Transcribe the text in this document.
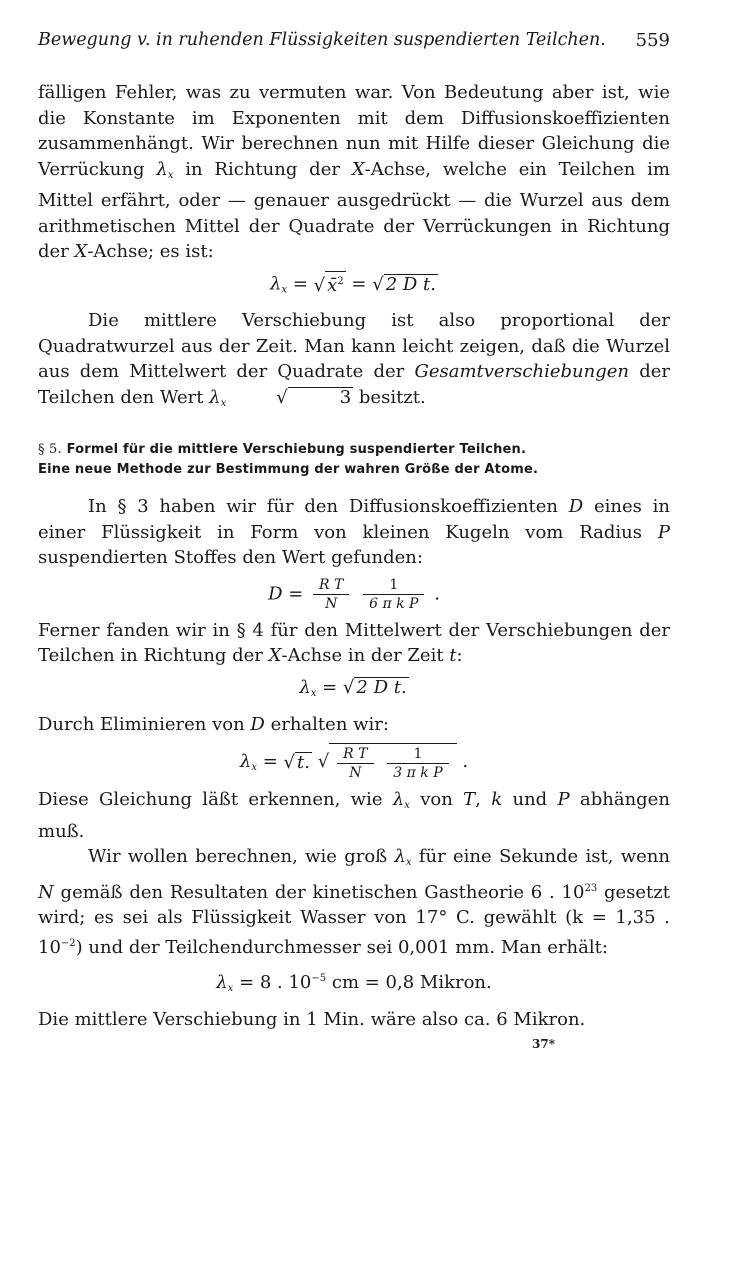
Bewegung v. in ruhenden Flüssigkeiten suspendierten Teilchen. 559

fälligen Fehler, was zu vermuten war. Von Bedeutung aber ist, wie die Konstante im Exponenten mit dem Diffusionskoeffizienten zusammenhängt. Wir berechnen nun mit Hilfe dieser Gleichung die Verrückung $\lambda_x$ in Richtung der X-Achse, welche ein Teilchen im Mittel erfährt, oder — genauer ausgedrückt — die Wurzel aus dem arithmetischen Mittel der Quadrate der Verrückungen in Richtung der X-Achse; es ist:

$\lambda_x$ = √ x̄$^2$ = √ 2 D t.

Die mittlere Verschiebung ist also proportional der Quadratwurzel aus der Zeit. Man kann leicht zeigen, daß die Wurzel aus dem Mittelwert der Quadrate der Gesamtverschiebungen der Teilchen den Wert $\lambda_x$	√	3 besitzt.

§ 5. Formel für die mittlere Verschiebung suspendierter Teilchen.
Eine neue Methode zur Bestimmung der wahren Größe der Atome.

In § 3 haben wir für den Diffusionskoeffizienten D eines in einer Flüssigkeit in Form von kleinen Kugeln vom Radius P suspendierten Stoffes den Wert gefunden:

$D = \frac{\text{R T}}{N}$
$\frac{1}{\text{6 π k P}}$ .

Ferner fanden wir in § 4 für den Mittelwert der Verschiebungen der Teilchen in Richtung der X-Achse in der Zeit t:

$\lambda_x$ = √ 2 D t.

Durch Eliminieren von D erhalten wir:

$\lambda_x$ = √ t. √ $\frac{\text{R T}}{N}$
$\frac{1}{\text{3 π k P}}$ .

Diese Gleichung läßt erkennen, wie $\lambda_x$ von T, k und P abhängen muß.

Wir wollen berechnen, wie groß $\lambda_x$ für eine Sekunde ist, wenn N gemäß den Resultaten der kinetischen Gastheorie 6 . $10^{23}$ gesetzt wird; es sei als Flüssigkeit Wasser von 17° C. gewählt (k = 1,35 . $10^{-2}$) und der Teilchendurchmesser sei 0,001 mm. Man erhält:

$\lambda_x = 8$ . $10^{-5}$ cm = 0,8 Mikron.

Die mittlere Verschiebung in 1 Min. wäre also ca. 6 Mikron.

37*
